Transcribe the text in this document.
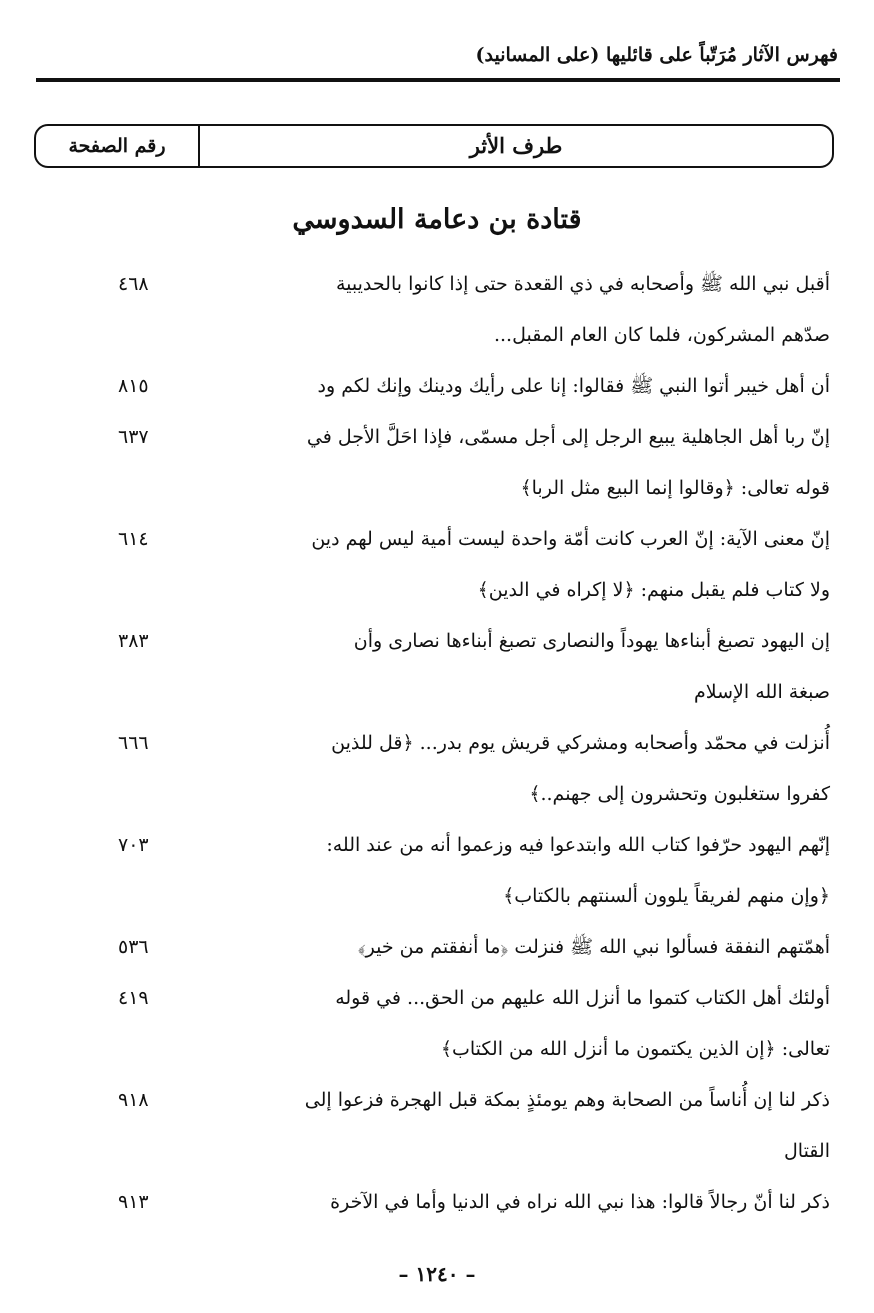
فهرس الآثار مُرَتّباً على قائليها (على المسانيد)
رقم الصفحة	طرف الأثر
قتادة بن دعامة السدوسي
أقبل نبي الله ﷺ وأصحابه في ذي القعدة حتى إذا كانوا بالحديبية
صدّهم المشركون، فلما كان العام المقبل...
٤٦٨
أن أهل خيبر أتوا النبي ﷺ فقالوا: إنا على رأيك ودينك وإنك لكم ود
٨١٥
إنّ ربا أهل الجاهلية يبيع الرجل إلى أجل مسمّى، فإذا احَلَّ الأجل في
قوله تعالى: ﴿وقالوا إنما البيع مثل الربا﴾
٦٣٧
إنّ معنى الآية: إنّ العرب كانت أمّة واحدة ليست أمية ليس لهم دين
ولا كتاب فلم يقبل منهم: ﴿لا إكراه في الدين﴾
٦١٤
إن اليهود تصبغ أبناءها يهوداً والنصارى تصبغ أبناءها نصارى وأن
صبغة الله الإسلام
٣٨٣
أُنزلت في محمّد وأصحابه ومشركي قريش يوم بدر... ﴿قل للذين
كفروا ستغلبون وتحشرون إلى جهنم..﴾
٦٦٦
إنّهم اليهود حرّفوا كتاب الله وابتدعوا فيه وزعموا أنه من عند الله:
﴿وإن منهم لفريقاً يلوون ألسنتهم بالكتاب﴾
٧٠٣
أهمّتهم النفقة فسألوا نبي الله ﷺ فنزلت ﴿ما أنفقتم من خير﴾
٥٣٦
أولئك أهل الكتاب كتموا ما أنزل الله عليهم من الحق... في قوله
تعالى: ﴿إن الذين يكتمون ما أنزل الله من الكتاب﴾
٤١٩
ذكر لنا إن أُناساً من الصحابة وهم يومئذٍ بمكة قبل الهجرة فزعوا إلى
القتال
٩١٨
ذكر لنا أنّ رجالاً قالوا: هذا نبي الله نراه في الدنيا وأما في الآخرة
٩١٣
– ١٢٤٠ –
